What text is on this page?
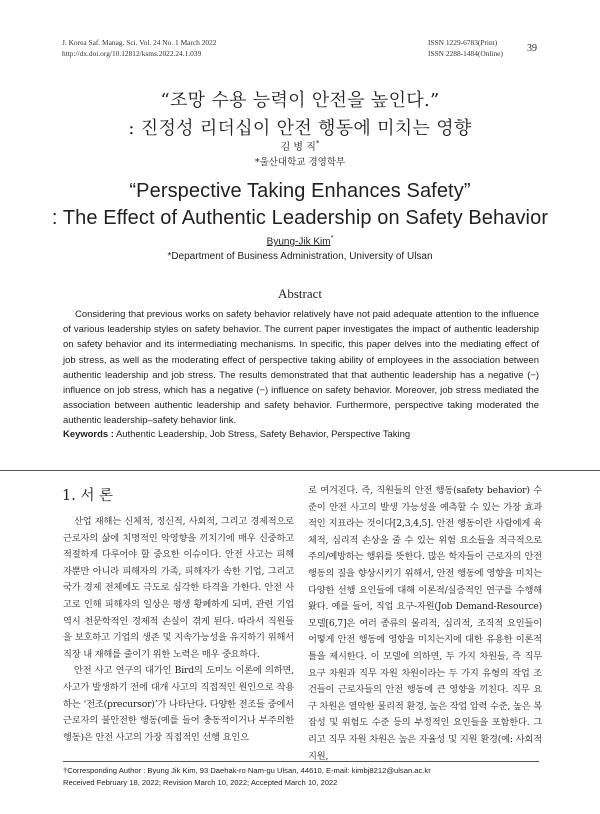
J. Korea Saf. Manag. Sci. Vol. 24 No. 1 March 2022
http://dx.doi.org/10.12812/ksms.2022.24.1.039
ISSN 1229-6783(Print)
ISSN 2288-1484(Online) 39
“조망 수용 능력이 안전을 높인다.”
: 진정성 리더십이 안전 행동에 미치는 영향
김 병 직*
*울산대학교 경영학부
“Perspective Taking Enhances Safety”
: The Effect of Authentic Leadership on Safety Behavior
Byung-Jik Kim*
*Department of Business Administration, University of Ulsan
Abstract

Considering that previous works on safety behavior relatively have not paid adequate attention to the influence of various leadership styles on safety behavior. The current paper investigates the impact of authentic leadership on safety behavior and its intermediating mechanisms. In specific, this paper delves into the mediating effect of job stress, as well as the moderating effect of perspective taking ability of employees in the association between authentic leadership and job stress. The results demonstrated that that authentic leadership has a negative (−) influence on job stress, which has a negative (−) influence on safety behavior. Moreover, job stress mediated the association between authentic leadership and safety behavior. Furthermore, perspective taking moderated the authentic leadership–safety behavior link.

Keywords : Authentic Leadership, Job Stress, Safety Behavior, Perspective Taking
1. 서 론

산업 재해는 신체적, 정신적, 사회적, 그리고 경제적으로 근로자의 삶에 치명적인 악영향을 끼치기에 매우 신중하고 적절하게 다루어야 할 중요한 이슈이다. 안전 사고는 피해자뿐만 아니라 피해자의 가족, 피해자가 속한 기업, 그리고 국가 경제 전체에도 극도로 심각한 타격을 가한다. 안전 사고로 인해 피해자의 일상은 평생 황폐하게 되며, 관련 기업 역시 천문학적인 경제적 손실이 겪게 된다. 따라서 직원들을 보호하고 기업의 생존 및 지속가능성을 유지하기 위해서 직장 내 재해를 줄이기 위한 노력은 매우 중요하다.

안전 사고 연구의 대가인 Bird의 도미노 이론에 의하면, 사고가 발생하기 전에 대개 사고의 직접적인 원인으로 작용하는 ‘전조(precursor)’가 나타난다. 다양한 전조들 중에서 근로자의 불안전한 행동(예를 들어 충동적이거나 부주의한 행동)은 안전 사고의 가장 직접적인 선행 요인으

로 여겨진다. 즉, 직원들의 안전 행동(safety behavior) 수준이 안전 사고의 발생 가능성을 예측할 수 있는 가장 효과적인 지표라는 것이다[2,3,4,5]. 안전 행동이란 사람에게 육체적, 심리적 손상을 줄 수 있는 위험 요소들을 적극적으로 주의/예방하는 행위를 뜻한다. 많은 학자들이 근로자의 안전 행동의 질을 향상시키기 위해서, 안전 행동에 영향을 미치는 다양한 선행 요인들에 대해 이론적/실증적인 연구를 수행해 왔다. 예를 들어, 직업 요구-자원(Job Demand-Resource) 모델[6,7]은 여러 종류의 물리적, 심리적, 조직적 요인들이 어떻게 안전 행동에 영향을 미치는지에 대한 유용한 이론적 틀을 제시한다. 이 모델에 의하면, 두 가지 차원들, 즉 직무 요구 차원과 직무 자원 차원이라는 두 가지 유형의 작업 조건들이 근로자들의 안전 행동에 큰 영향을 끼친다. 직무 요구 차원은 열악한 물리적 환경, 높은 작업 압력 수준, 높은 복잡성 및 위험도 수준 등의 부정적인 요인들을 포함한다. 그리고 직무 자원 차원은 높은 자율성 및 지원 환경(예: 사회적 지원,

†Corresponding Author : Byung Jik Kim, 93 Daehak-ro Nam-gu Ulsan, 44610, E-mail: kimbj8212@ulsan.ac.kr
Received February 18, 2022; Revision March 10, 2022; Accepted March 10, 2022
